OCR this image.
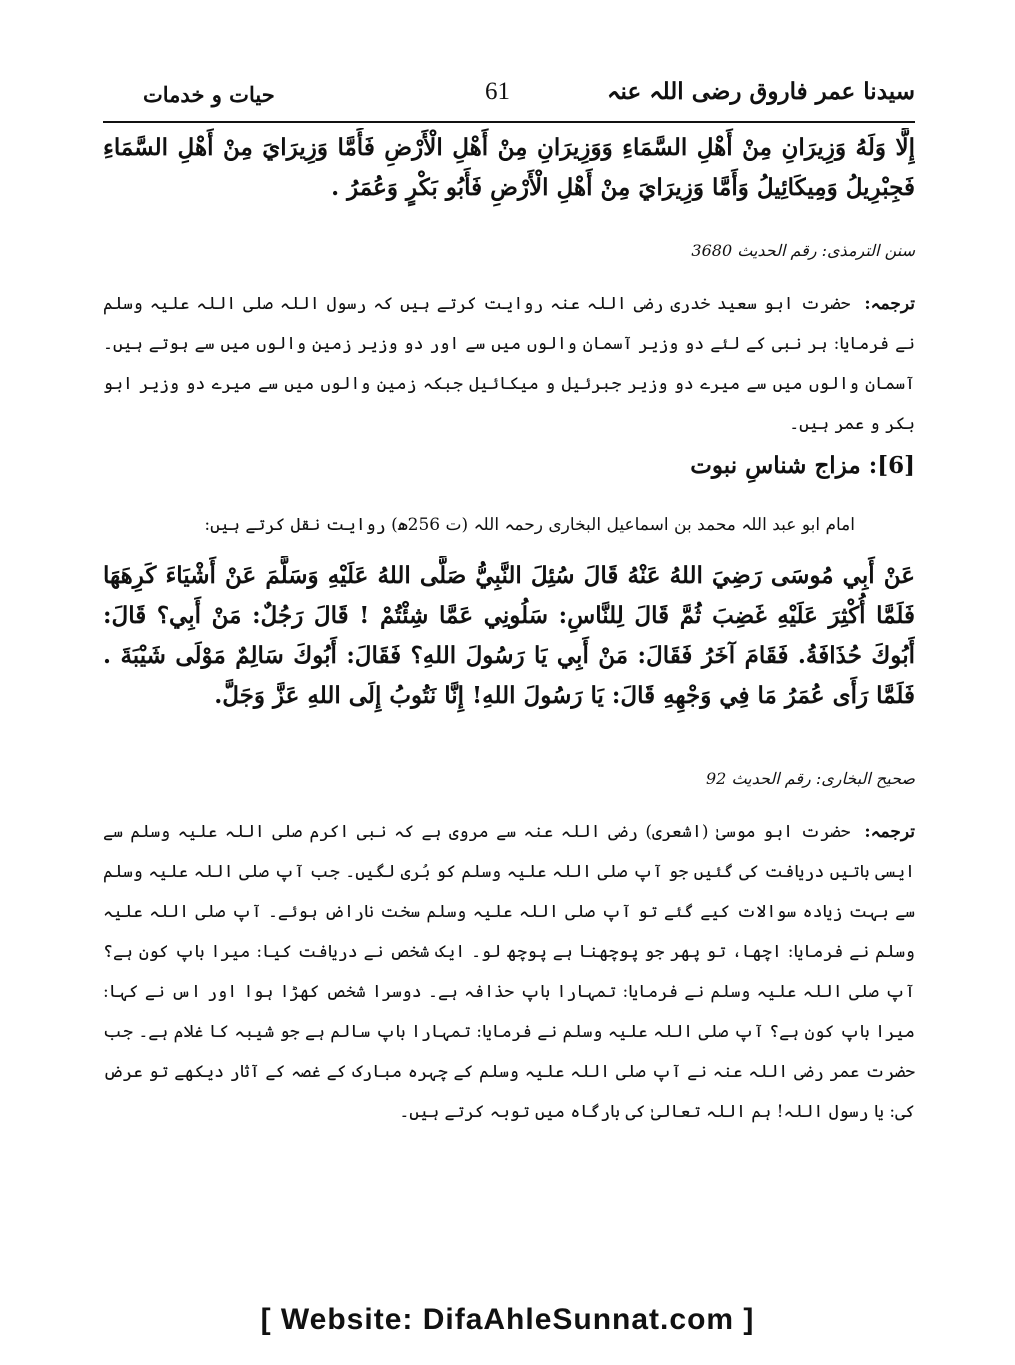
سیدنا عمر فاروق رضی اللہ عنہ
61
حیات و خدمات
إِلَّا وَلَهُ وَزِيرَانِ مِنْ أَهْلِ السَّمَاءِ وَوَزِيرَانِ مِنْ أَهْلِ الْأَرْضِ فَأَمَّا وَزِيرَايَ مِنْ أَهْلِ السَّمَاءِ فَجِبْرِيلُ وَمِيكَائِيلُ وَأَمَّا وَزِيرَايَ مِنْ أَهْلِ الْأَرْضِ فَأَبُو بَكْرٍ وَعُمَرُ .
سنن الترمذی: رقم الحدیث 3680
ترجمہ:حضرت ابو سعید خدری رضی اللہ عنہ روایت کرتے ہیں کہ رسول اللہ صلی اللہ علیہ وسلم نے فرمایا: ہر نبی کے لئے دو وزیر آسمان والوں میں سے اور دو وزیر زمین والوں میں سے ہوتے ہیں۔ آسمان والوں میں سے میرے دو وزیر جبرئیل و میکائیل جبکہ زمین والوں میں سے میرے دو وزیر ابو بکر و عمر ہیں۔
[6]: مزاج شناسِ نبوت
امام ابو عبد اللہ محمد بن اسماعیل البخاری رحمہ اللہ (ت 256ھ) روایت نقل کرتے ہیں:
عَنْ أَبِي مُوسَى رَضِيَ اللهُ عَنْهُ قَالَ سُئِلَ النَّبِيُّ صَلَّى اللهُ عَلَيْهِ وَسَلَّمَ عَنْ أَشْيَاءَ كَرِهَهَا فَلَمَّا أُكْثِرَ عَلَيْهِ غَضِبَ ثُمَّ قَالَ لِلنَّاسِ: سَلُونِي عَمَّا شِئْتُمْ ! قَالَ رَجُلٌ: مَنْ أَبِي؟ قَالَ: أَبُوكَ حُذَافَةُ. فَقَامَ آخَرُ فَقَالَ: مَنْ أَبِي يَا رَسُولَ اللهِ؟ فَقَالَ: أَبُوكَ سَالِمٌ مَوْلَى شَيْبَةَ . فَلَمَّا رَأَى عُمَرُ مَا فِي وَجْهِهِ قَالَ: يَا رَسُولَ اللهِ! إِنَّا نَتُوبُ إِلَى اللهِ عَزَّ وَجَلَّ.
صحیح البخاری: رقم الحدیث 92
ترجمہ:حضرت ابو موسیٰ (اشعری) رضی اللہ عنہ سے مروی ہے کہ نبی اکرم صلی اللہ علیہ وسلم سے ایسی باتیں دریافت کی گئیں جو آپ صلی اللہ علیہ وسلم کو بُری لگیں۔ جب آپ صلی اللہ علیہ وسلم سے بہت زیادہ سوالات کیے گئے تو آپ صلی اللہ علیہ وسلم سخت ناراض ہوئے۔ آپ صلی اللہ علیہ وسلم نے فرمایا: اچھا، تو پھر جو پوچھنا ہے پوچھ لو۔ ایک شخص نے دریافت کیا: میرا باپ کون ہے؟ آپ صلی اللہ علیہ وسلم نے فرمایا: تمہارا باپ حذافہ ہے۔ دوسرا شخص کھڑا ہوا اور اس نے کہا: میرا باپ کون ہے؟ آپ صلی اللہ علیہ وسلم نے فرمایا: تمہارا باپ سالم ہے جو شیبہ کا غلام ہے۔ جب حضرت عمر رضی اللہ عنہ نے آپ صلی اللہ علیہ وسلم کے چہرہ مبارک کے غصہ کے آثار دیکھے تو عرض کی: یا رسول اللہ! ہم اللہ تعالیٰ کی بارگاہ میں توبہ کرتے ہیں۔
[ Website: DifaAhleSunnat.com ]
